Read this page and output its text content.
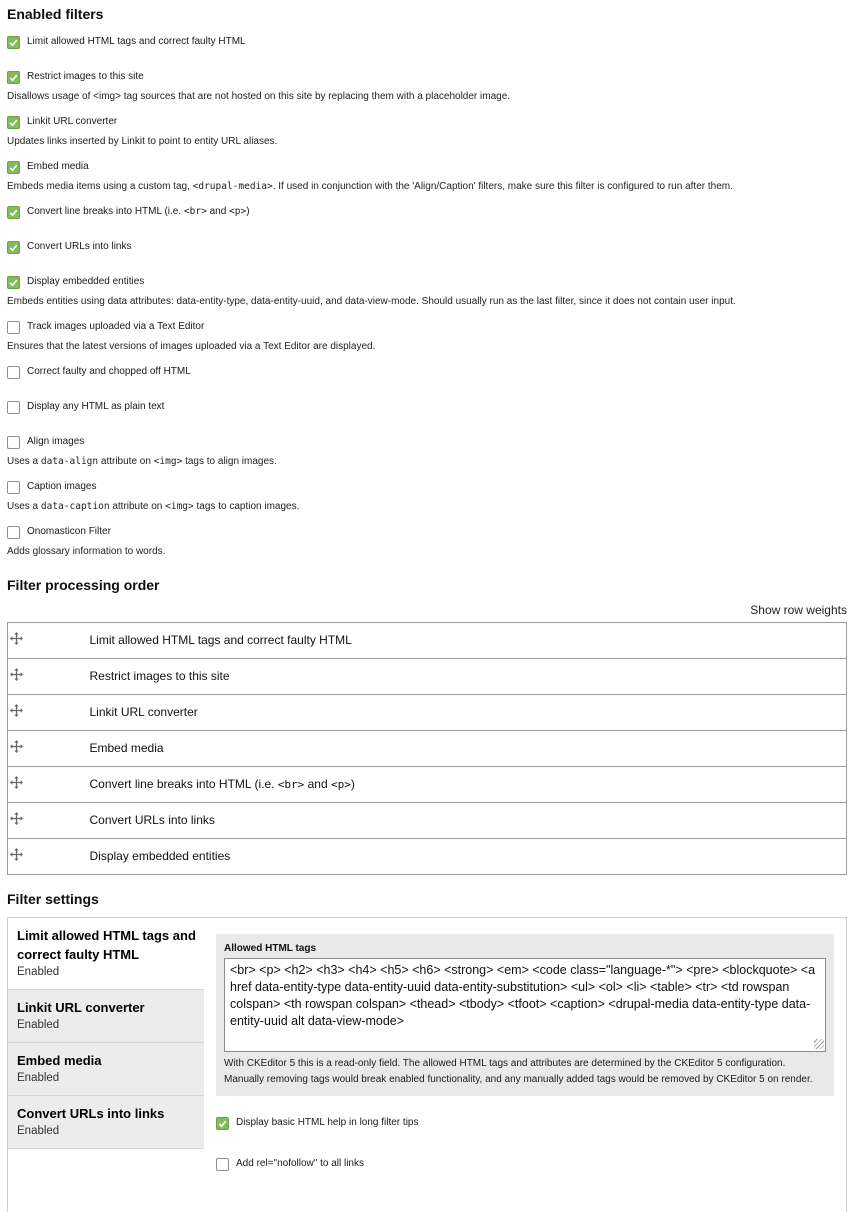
Enabled filters
Limit allowed HTML tags and correct faulty HTML
Restrict images to this site
Disallows usage of <img> tag sources that are not hosted on this site by replacing them with a placeholder image.
Linkit URL converter
Updates links inserted by Linkit to point to entity URL aliases.
Embed media
Embeds media items using a custom tag, <drupal-media>. If used in conjunction with the 'Align/Caption' filters, make sure this filter is configured to run after them.
Convert line breaks into HTML (i.e. <br> and <p>)
Convert URLs into links
Display embedded entities
Embeds entities using data attributes: data-entity-type, data-entity-uuid, and data-view-mode. Should usually run as the last filter, since it does not contain user input.
Track images uploaded via a Text Editor
Ensures that the latest versions of images uploaded via a Text Editor are displayed.
Correct faulty and chopped off HTML
Display any HTML as plain text
Align images
Uses a data-align attribute on <img> tags to align images.
Caption images
Uses a data-caption attribute on <img> tags to caption images.
Onomasticon Filter
Adds glossary information to words.
Filter processing order
Show row weights
	Limit allowed HTML tags and correct faulty HTML
	Restrict images to this site
	Linkit URL converter
	Embed media
	Convert line breaks into HTML (i.e. <br> and <p>)
	Convert URLs into links
	Display embedded entities
Filter settings
Limit allowed HTML tags and correct faulty HTML
Enabled
Linkit URL converter
Enabled
Embed media
Enabled
Convert URLs into links
Enabled
Allowed HTML tags
<br> <p> <h2> <h3> <h4> <h5> <h6> <strong> <em> <code class="language-*"> <pre> <blockquote> <a href data-entity-type data-entity-uuid data-entity-substitution> <ul> <ol> <li> <table> <tr> <td rowspan colspan> <th rowspan colspan> <thead> <tbody> <tfoot> <caption> <drupal-media data-entity-type data-entity-uuid alt data-view-mode>
With CKEditor 5 this is a read-only field. The allowed HTML tags and attributes are determined by the CKEditor 5 configuration. Manually removing tags would break enabled functionality, and any manually added tags would be removed by CKEditor 5 on render.
Display basic HTML help in long filter tips
Add rel="nofollow" to all links
